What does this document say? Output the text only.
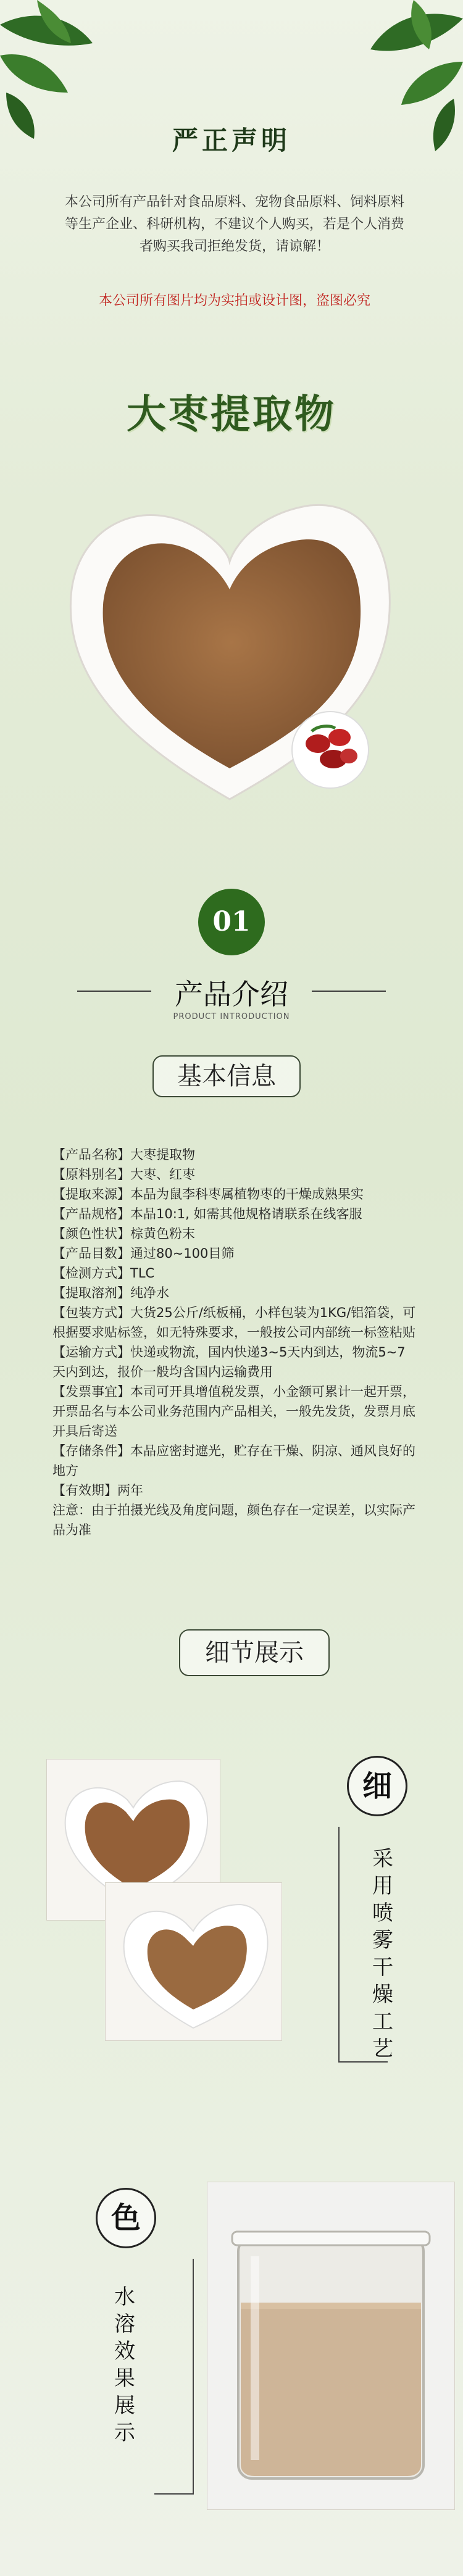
严正声明
本公司所有产品针对食品原料、宠物食品原料、饲料原料等生产企业、科研机构，不建议个人购买，若是个人消费者购买我司拒绝发货，请谅解！
本公司所有图片均为实拍或设计图，盗图必究
大枣提取物
01
产品介绍
PRODUCT INTRODUCTION
基本信息

【产品名称】大枣提取物

【原料别名】大枣、红枣

【提取来源】本品为鼠李科枣属植物枣的干燥成熟果实

【产品规格】本品10:1, 如需其他规格请联系在线客服

【颜色性状】棕黄色粉末

【产品目数】通过80~100目筛

【检测方式】TLC

【提取溶剂】纯净水

【包装方式】大货25公斤/纸板桶，小样包装为1KG/铝箔袋，可根据要求贴标签，如无特殊要求，一般按公司内部统一标签粘贴

【运输方式】快递或物流，国内快递3~5天内到达，物流5~7天内到达，报价一般均含国内运输费用

【发票事宜】本司可开具增值税发票，小金额可累计一起开票，开票品名与本公司业务范围内产品相关，一般先发货，发票月底开具后寄送

【存储条件】本品应密封遮光，贮存在干燥、阴凉、通风良好的地方

【有效期】两年

注意：由于拍摄光线及角度问题，颜色存在一定误差，以实际产品为准

细节展示
细
采用喷雾干燥工艺
色
水溶效果展示
